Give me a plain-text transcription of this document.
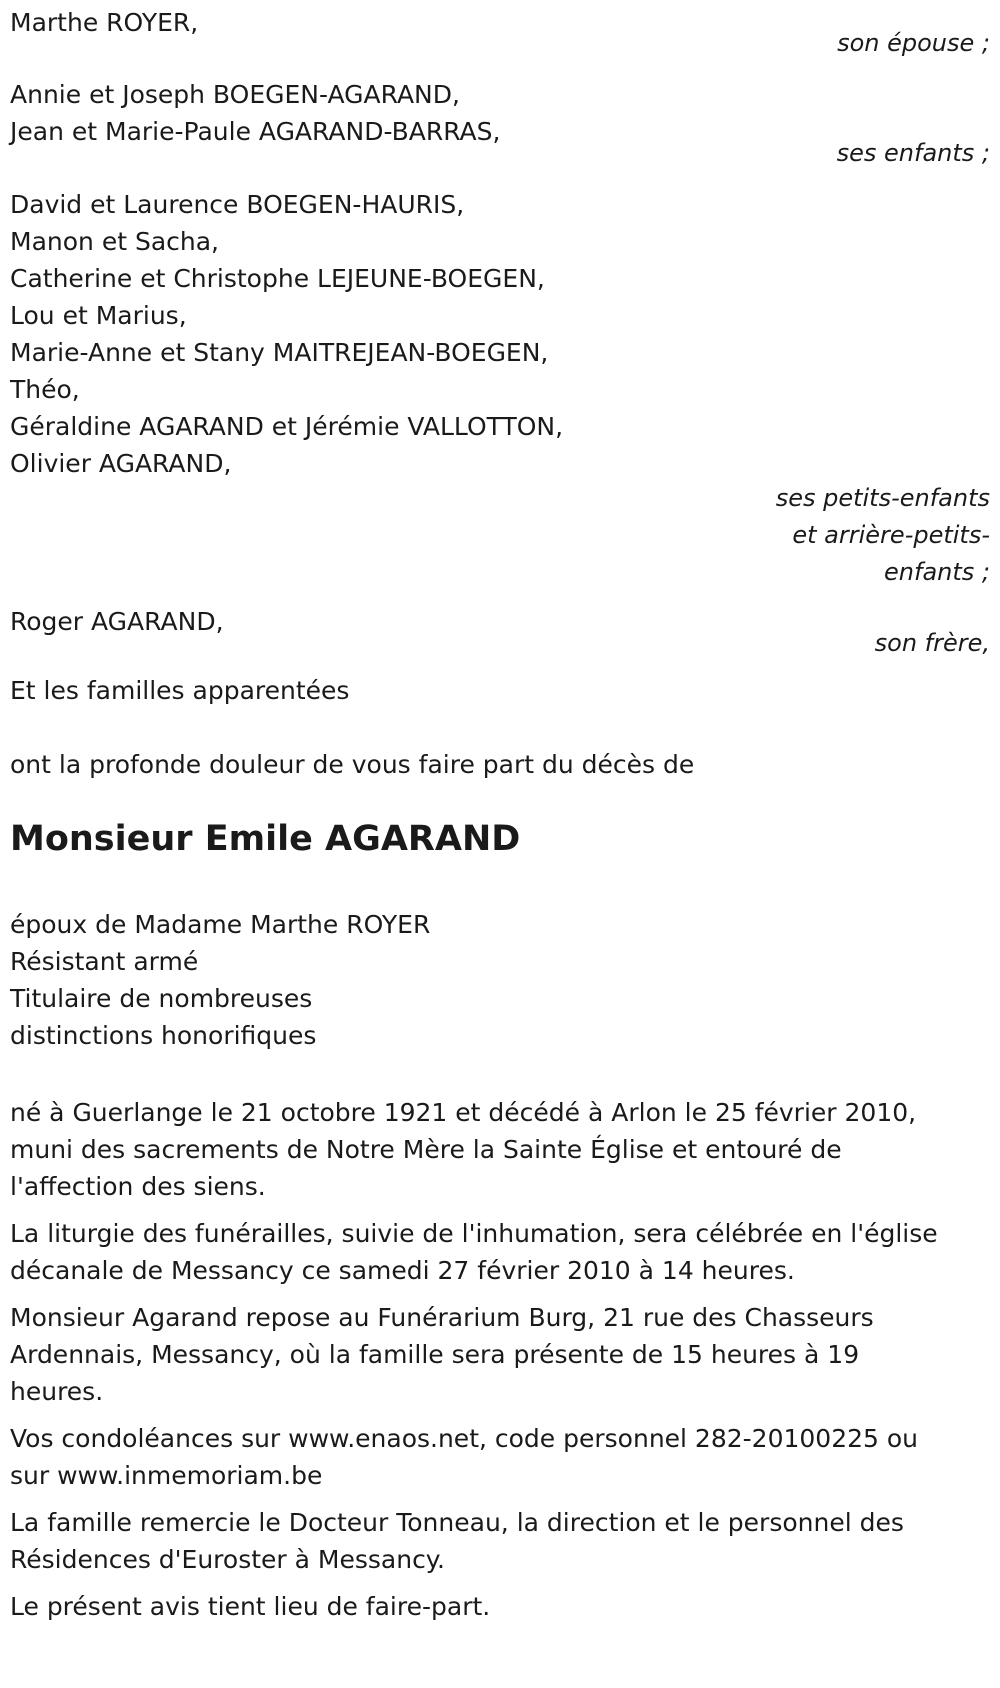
Marthe ROYER,
son épouse ;
Annie et Joseph BOEGEN-AGARAND,
Jean et Marie-Paule AGARAND-BARRAS,
ses enfants ;
David et Laurence BOEGEN-HAURIS,
Manon et Sacha,
Catherine et Christophe LEJEUNE-BOEGEN,
Lou et Marius,
Marie-Anne et Stany MAITREJEAN-BOEGEN,
Théo,
Géraldine AGARAND et Jérémie VALLOTTON,
Olivier AGARAND,
ses petits-enfants
et arrière-petits-
enfants ;
Roger AGARAND,
son frère,
Et les familles apparentées
ont la profonde douleur de vous faire part du décès de
Monsieur Emile AGARAND
époux de Madame Marthe ROYER
Résistant armé
Titulaire de nombreuses
distinctions honorifiques
né à Guerlange le 21 octobre 1921 et décédé à Arlon le 25 février 2010, muni des sacrements de Notre Mère la Sainte Église et entouré de l'affection des siens.
La liturgie des funérailles, suivie de l'inhumation, sera célébrée en l'église décanale de Messancy ce samedi 27 février 2010 à 14 heures.
Monsieur Agarand repose au Funérarium Burg, 21 rue des Chasseurs Ardennais, Messancy, où la famille sera présente de 15 heures à 19 heures.
Vos condoléances sur www.enaos.net, code personnel 282-20100225 ou sur www.inmemoriam.be
La famille remercie le Docteur Tonneau, la direction et le personnel des Résidences d'Euroster à Messancy.
Le présent avis tient lieu de faire-part.
